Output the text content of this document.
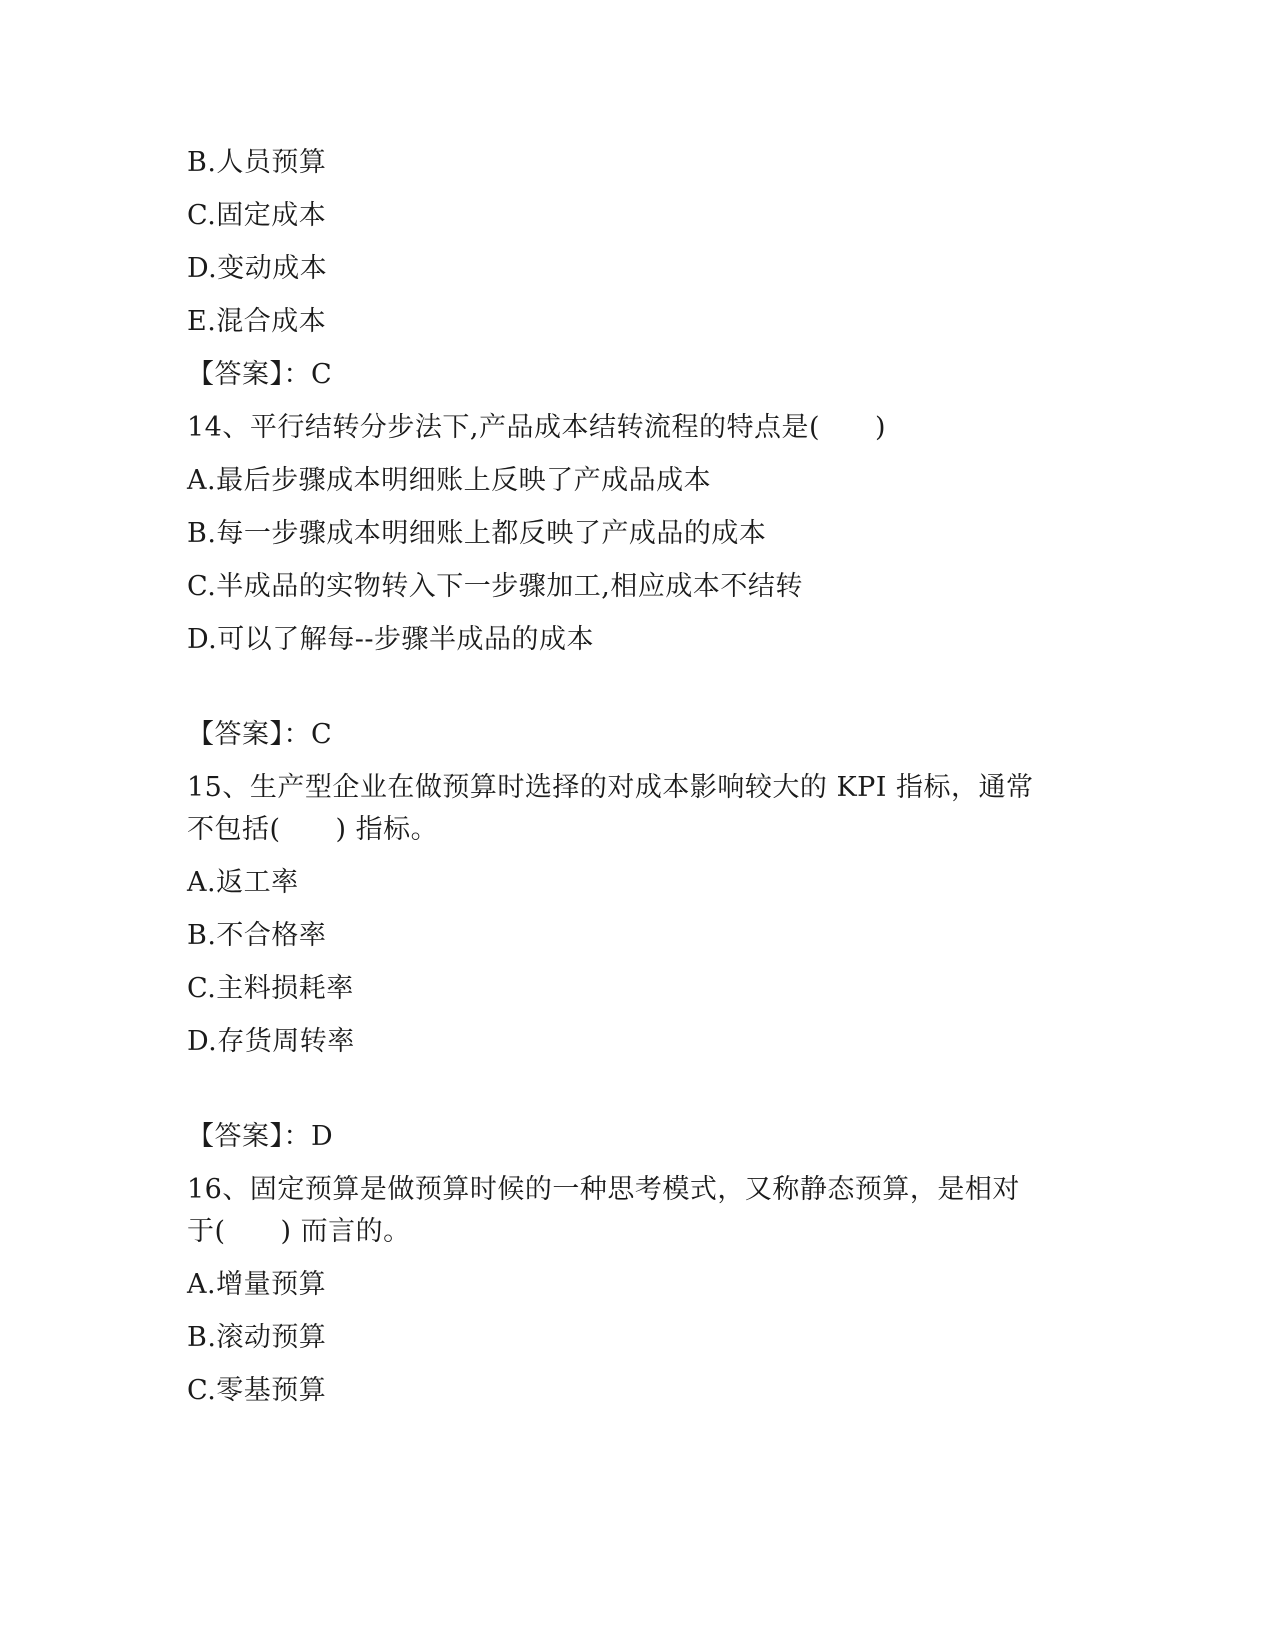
B.人员预算
C.固定成本
D.变动成本
E.混合成本
【答案】：C
14、平行结转分步法下,产品成本结转流程的特点是(　　)
A.最后步骤成本明细账上反映了产成品成本
B.每一步骤成本明细账上都反映了产成品的成本
C.半成品的实物转入下一步骤加工,相应成本不结转
D.可以了解每--步骤半成品的成本
【答案】：C
15、生产型企业在做预算时选择的对成本影响较大的 KPI 指标，通常
不包括(　　) 指标。
A.返工率
B.不合格率
C.主料损耗率
D.存货周转率
【答案】：D
16、固定预算是做预算时候的一种思考模式，又称静态预算，是相对
于(　　) 而言的。
A.增量预算
B.滚动预算
C.零基预算
